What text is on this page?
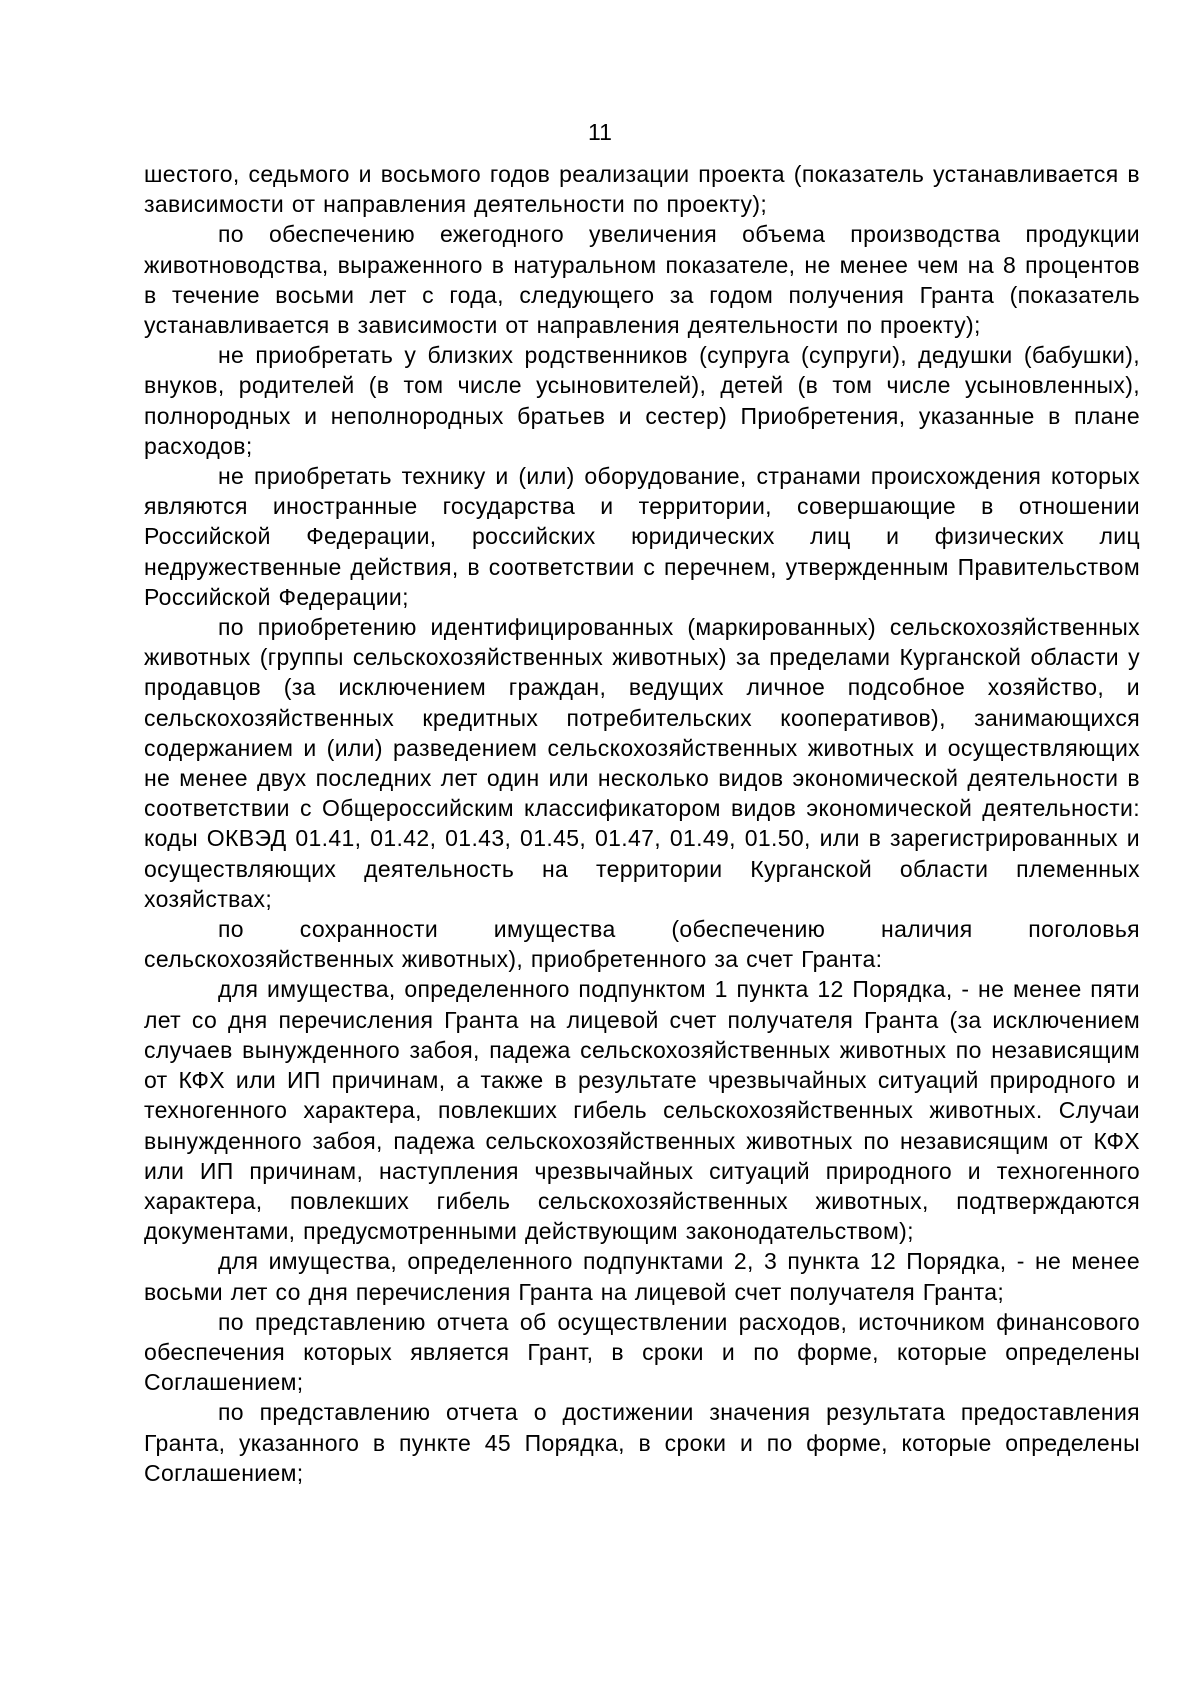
11

шестого, седьмого и восьмого годов реализации проекта (показатель устанавливается в зависимости от направления деятельности по проекту);

по обеспечению ежегодного увеличения объема производства продукции животноводства, выраженного в натуральном показателе, не менее чем на 8 процентов в течение восьми лет с года, следующего за годом получения Гранта (показатель устанавливается в зависимости от направления деятельности по проекту);

не приобретать у близких родственников (супруга (супруги), дедушки (бабушки), внуков, родителей (в том числе усыновителей), детей (в том числе усыновленных), полнородных и неполнородных братьев и сестер) Приобретения, указанные в плане расходов;

не приобретать технику и (или) оборудование, странами происхождения которых являются иностранные государства и территории, совершающие в отношении Российской Федерации, российских юридических лиц и физических лиц недружественные действия, в соответствии с перечнем, утвержденным Правительством Российской Федерации;

по приобретению идентифицированных (маркированных) сельскохозяйственных животных (группы сельскохозяйственных животных) за пределами Курганской области у продавцов (за исключением граждан, ведущих личное подсобное хозяйство, и сельскохозяйственных кредитных потребительских кооперативов), занимающихся содержанием и (или) разведением сельскохозяйственных животных и осуществляющих не менее двух последних лет один или несколько видов экономической деятельности в соответствии с Общероссийским классификатором видов экономической деятельности: коды ОКВЭД 01.41, 01.42, 01.43, 01.45, 01.47, 01.49, 01.50, или в зарегистрированных и осуществляющих деятельность на территории Курганской области племенных хозяйствах;

по сохранности имущества (обеспечению наличия поголовья сельскохозяйственных животных), приобретенного за счет Гранта:

для имущества, определенного подпунктом 1 пункта 12 Порядка, - не менее пяти лет со дня перечисления Гранта на лицевой счет получателя Гранта (за исключением случаев вынужденного забоя, падежа сельскохозяйственных животных по независящим от КФХ или ИП причинам, а также в результате чрезвычайных ситуаций природного и техногенного характера, повлекших гибель сельскохозяйственных животных. Случаи вынужденного забоя, падежа сельскохозяйственных животных по независящим от КФХ или ИП причинам, наступления чрезвычайных ситуаций природного и техногенного характера, повлекших гибель сельскохозяйственных животных, подтверждаются документами, предусмотренными действующим законодательством);

для имущества, определенного подпунктами 2, 3 пункта 12 Порядка, - не менее восьми лет со дня перечисления Гранта на лицевой счет получателя Гранта;

по представлению отчета об осуществлении расходов, источником финансового обеспечения которых является Грант, в сроки и по форме, которые определены Соглашением;

по представлению отчета о достижении значения результата предоставления Гранта, указанного в пункте 45 Порядка, в сроки и по форме, которые определены Соглашением;
